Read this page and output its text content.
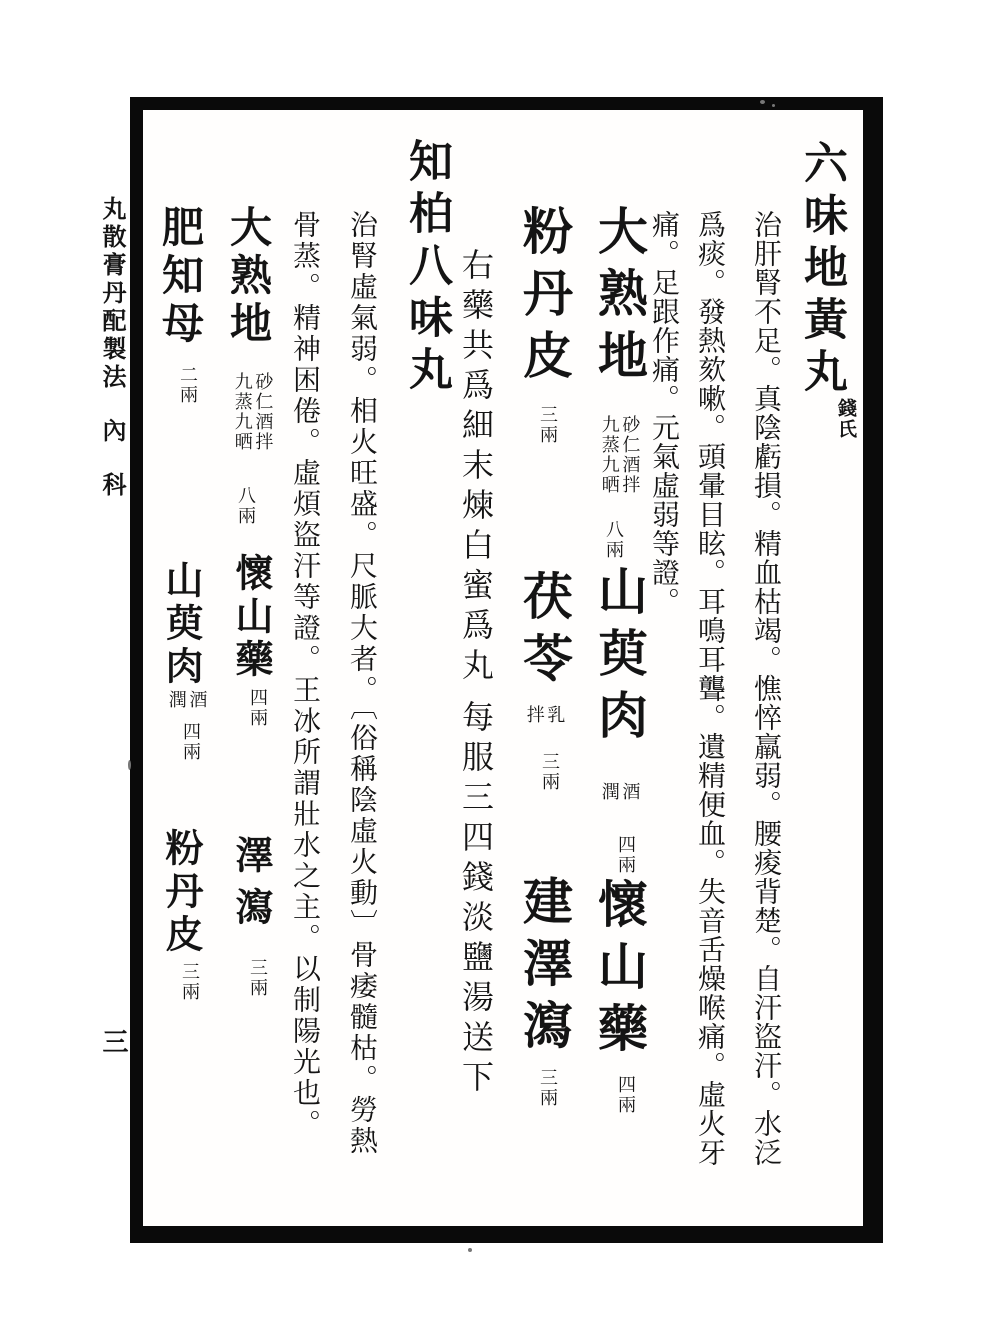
丸散膏丹配製法
內科
三
六味地黃丸
錢氏
治肝腎不足。真陰虧損。精血枯竭。憔悴羸弱。腰痠背楚。自汗盜汗。水泛
爲痰。發熱欬嗽。頭暈目眩。耳鳴耳聾。遺精便血。失音舌燥喉痛。虛火牙
痛。足跟作痛。元氣虛弱等證。
大熟地
砂仁酒拌
九蒸九晒
八兩
山萸肉
酒
潤
四兩
懷山藥
四兩
粉丹皮
三兩
茯苓
乳
拌
三兩
建澤瀉
三兩
右藥共爲細末煉白蜜爲丸
每服三四錢淡鹽湯送下
知柏八味丸
治腎虛氣弱。相火旺盛。尺脈大者。〔俗稱陰虛火動〕骨痿髓枯。勞熱
骨蒸。精神困倦。虛煩盜汗等證。王冰所謂壯水之主。以制陽光也。
大熟地
砂仁酒拌
九蒸九晒
八兩
懷山藥
四兩
澤瀉
三兩
肥知母
二兩
山萸肉
酒
潤
四兩
粉丹皮
三兩
